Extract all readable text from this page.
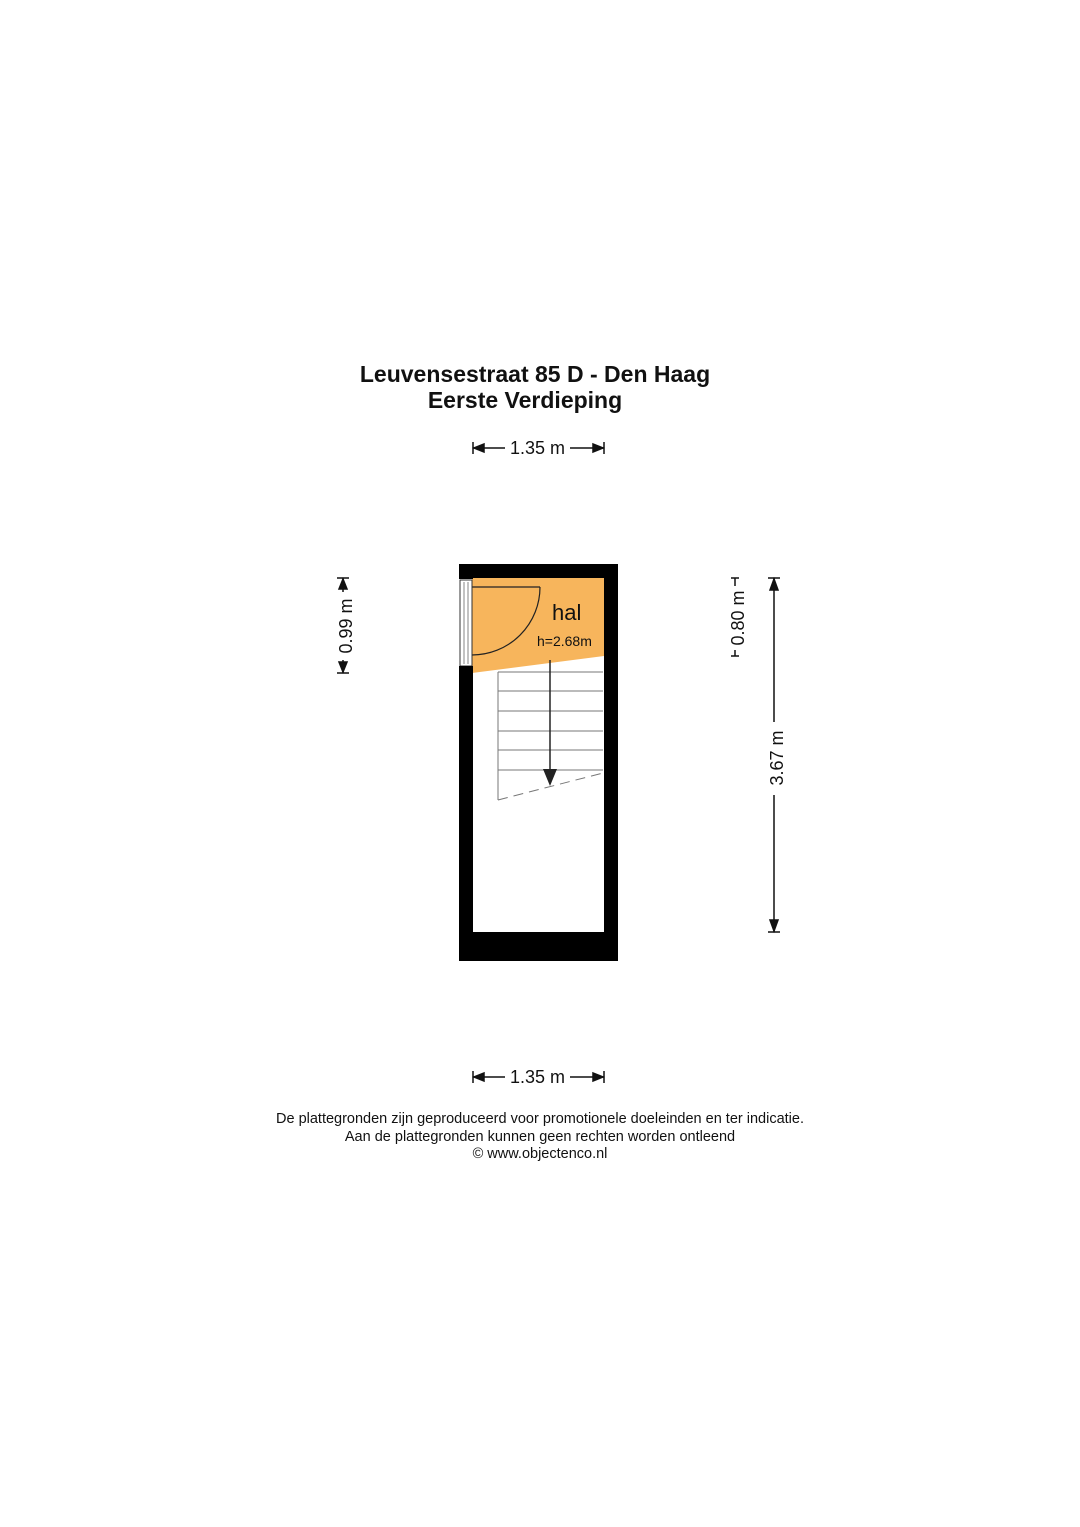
Leuvensestraat 85 D - Den Haag
Eerste Verdieping
1.35 m
1.35 m
0.99 m	0.80 m
3.67 m
hal
h=2.68m
De plattegronden zijn geproduceerd voor promotionele doeleinden en ter indicatie.
Aan de plattegronden kunnen geen rechten worden ontleend
© www.objectenco.nl
